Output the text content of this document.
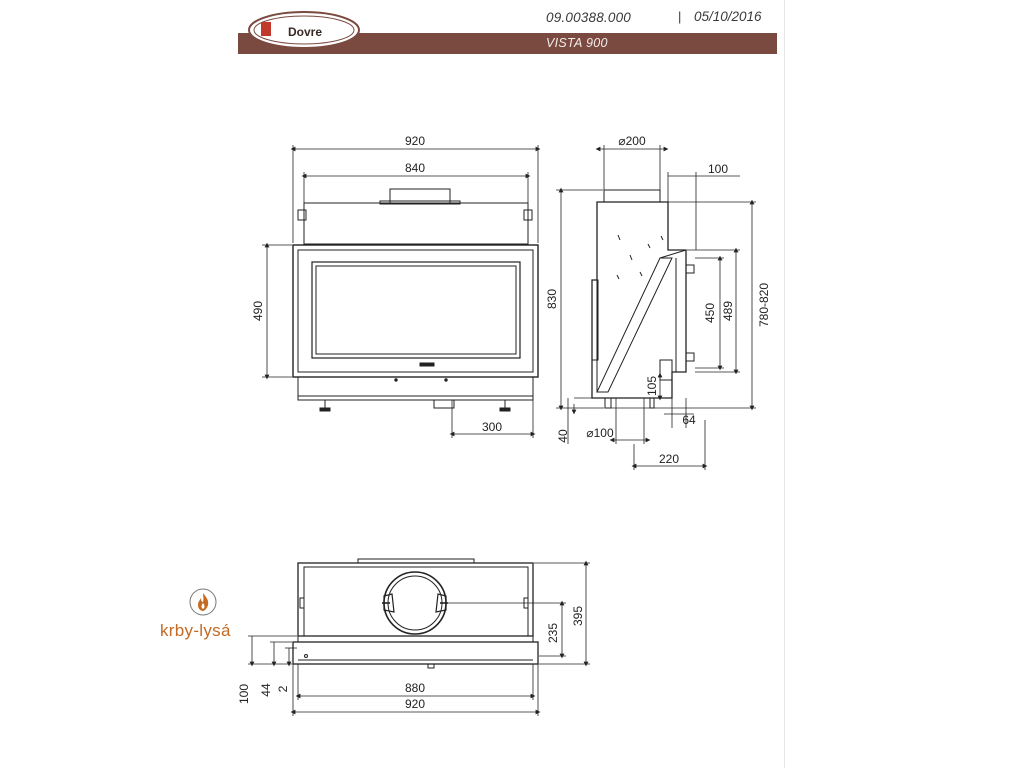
Dovre
09.00388.000	| 05/10/2016
VISTA 900
920
840
490
300
⌀200
100
830	780-820
489
450
105
40 ⌀100
64
220
395
235
100 44 2	880
920
krby-lysá
